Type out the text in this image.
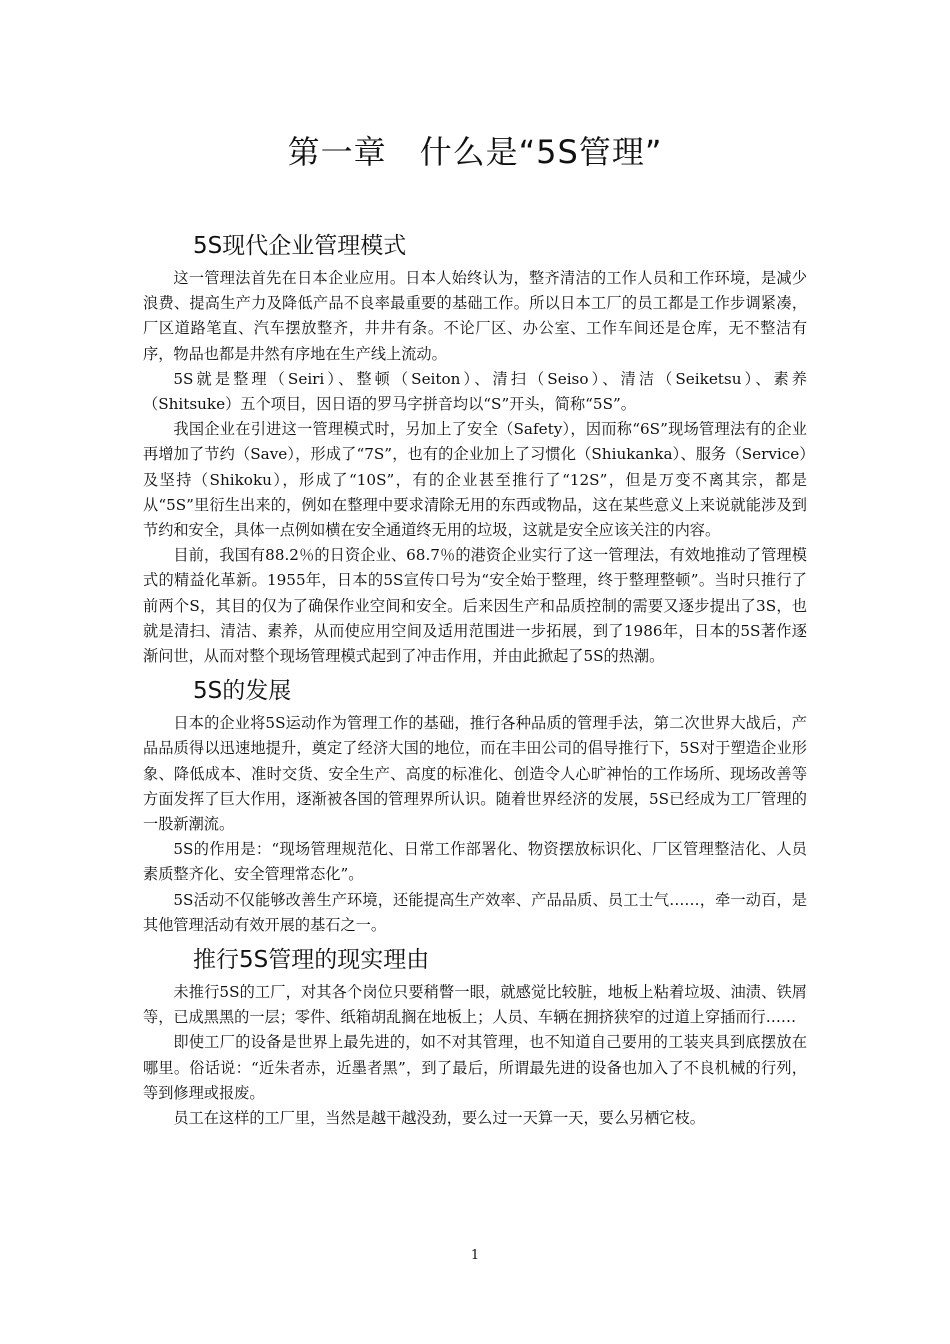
第一章　什么是“5S管理”
5S现代企业管理模式

这一管理法首先在日本企业应用。日本人始终认为，整齐清洁的工作人员和工作环境，是减少浪费、提高生产力及降低产品不良率最重要的基础工作。所以日本工厂的员工都是工作步调紧凑，厂区道路笔直、汽车摆放整齐，井井有条。不论厂区、办公室、工作车间还是仓库，无不整洁有序，物品也都是井然有序地在生产线上流动。

5S就是整理（Seiri）、整顿（Seiton）、清扫（Seiso）、清洁（Seiketsu）、素养（Shitsuke）五个项目，因日语的罗马字拼音均以“S”开头，简称“5S”。

我国企业在引进这一管理模式时，另加上了安全（Safety），因而称“6S”现场管理法有的企业再增加了节约（Save），形成了“7S”，也有的企业加上了习惯化（Shiukanka）、服务（Service）及坚持（Shikoku），形成了“10S”，有的企业甚至推行了“12S”，但是万变不离其宗，都是从“5S”里衍生出来的，例如在整理中要求清除无用的东西或物品，这在某些意义上来说就能涉及到节约和安全，具体一点例如横在安全通道终无用的垃圾，这就是安全应该关注的内容。

目前，我国有88.2％的日资企业、68.7％的港资企业实行了这一管理法，有效地推动了管理模式的精益化革新。1955年，日本的5S宣传口号为“安全始于整理，终于整理整顿”。当时只推行了前两个S，其目的仅为了确保作业空间和安全。后来因生产和品质控制的需要又逐步提出了3S，也就是清扫、清洁、素养，从而使应用空间及适用范围进一步拓展，到了1986年，日本的5S著作逐渐问世，从而对整个现场管理模式起到了冲击作用，并由此掀起了5S的热潮。

5S的发展

日本的企业将5S运动作为管理工作的基础，推行各种品质的管理手法，第二次世界大战后，产品品质得以迅速地提升，奠定了经济大国的地位，而在丰田公司的倡导推行下，5S对于塑造企业形象、降低成本、准时交货、安全生产、高度的标准化、创造令人心旷神怡的工作场所、现场改善等方面发挥了巨大作用，逐渐被各国的管理界所认识。随着世界经济的发展，5S已经成为工厂管理的一股新潮流。

5S的作用是：“现场管理规范化、日常工作部署化、物资摆放标识化、厂区管理整洁化、人员素质整齐化、安全管理常态化”。

5S活动不仅能够改善生产环境，还能提高生产效率、产品品质、员工士气……，牵一动百，是其他管理活动有效开展的基石之一。

推行5S管理的现实理由

未推行5S的工厂，对其各个岗位只要稍瞥一眼，就感觉比较脏，地板上粘着垃圾、油渍、铁屑等，已成黑黑的一层；零件、纸箱胡乱搁在地板上；人员、车辆在拥挤狭窄的过道上穿插而行……

即使工厂的设备是世界上最先进的，如不对其管理，也不知道自己要用的工装夹具到底摆放在哪里。俗话说：“近朱者赤，近墨者黑”，到了最后，所谓最先进的设备也加入了不良机械的行列，等到修理或报废。

员工在这样的工厂里，当然是越干越没劲，要么过一天算一天，要么另栖它枝。

1
